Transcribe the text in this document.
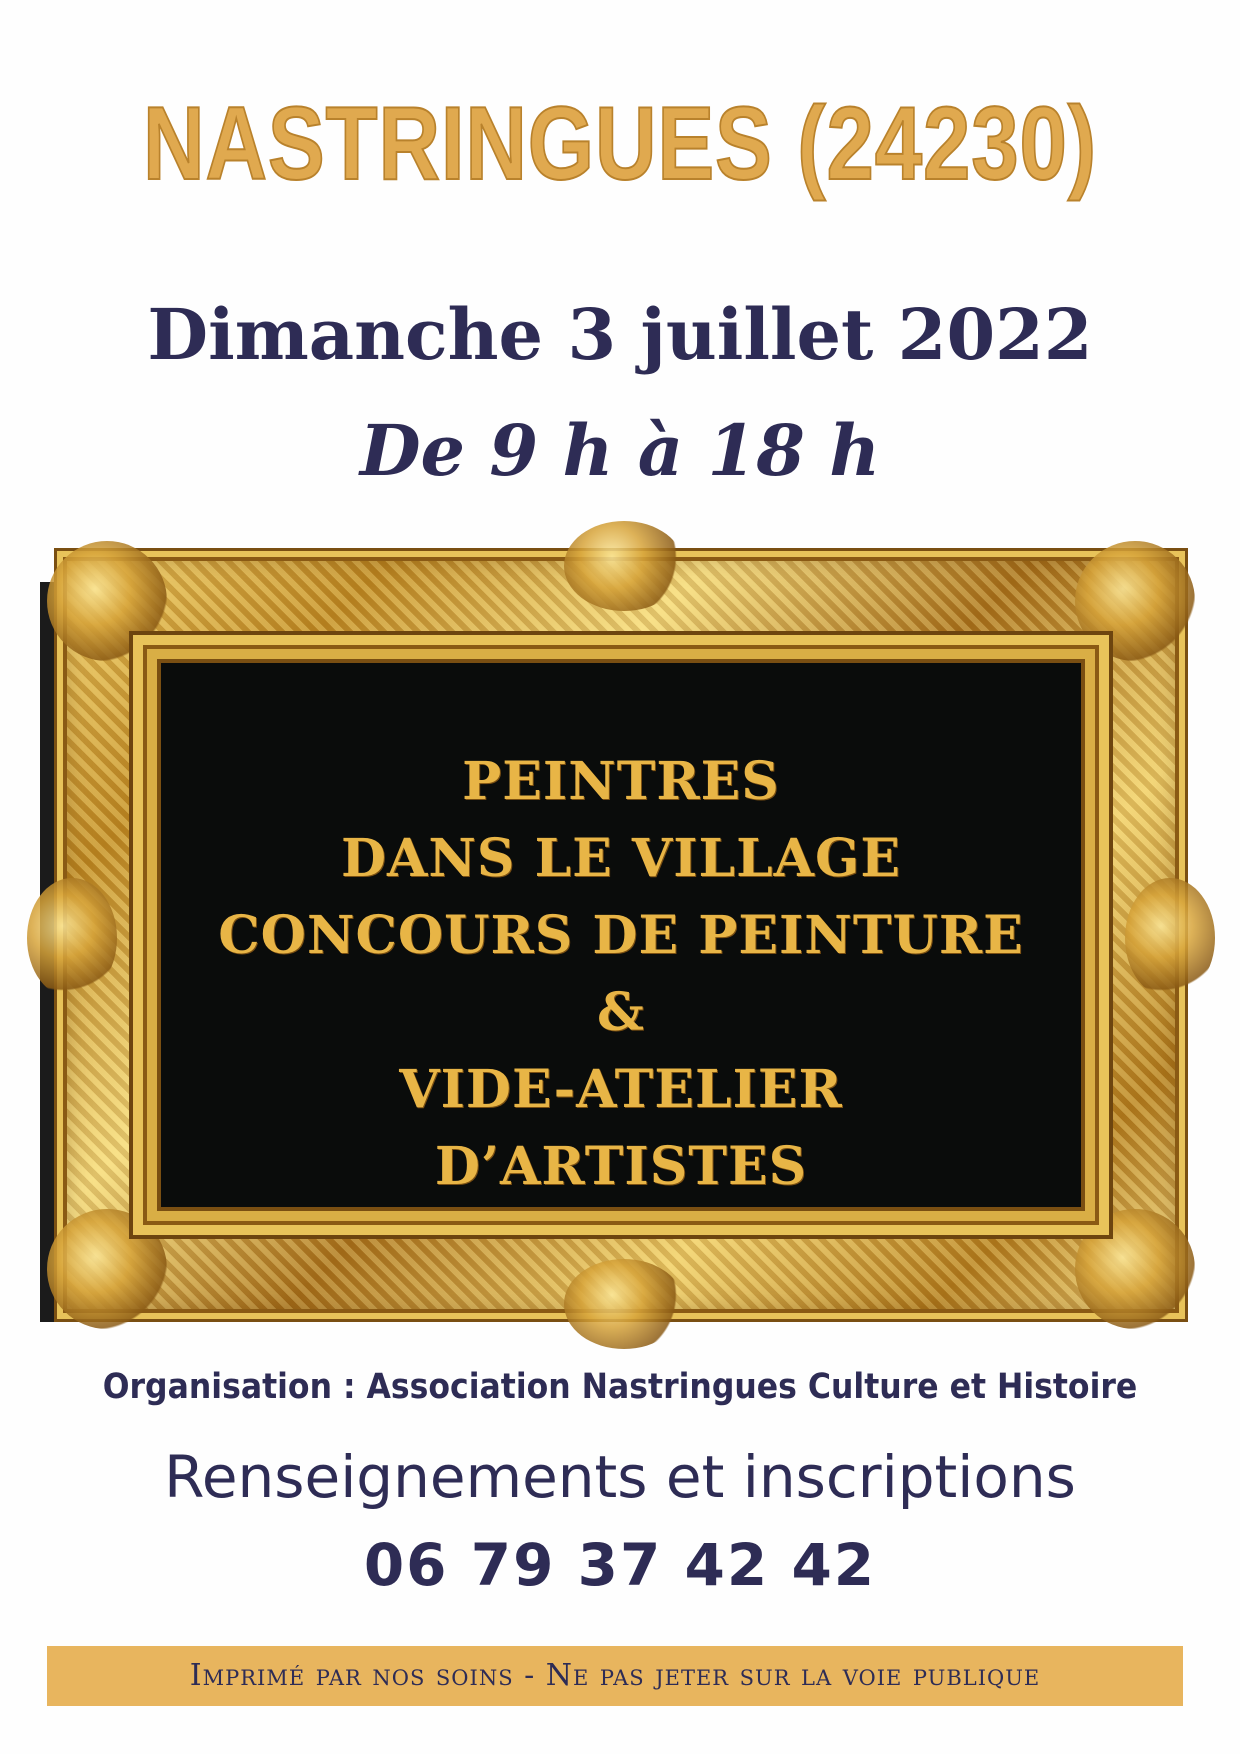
NASTRINGUES (24230)
Dimanche 3 juillet 2022
De 9 h à 18 h
PEINTRES
DANS LE VILLAGE
CONCOURS DE PEINTURE
&
VIDE-ATELIER
D’ARTISTES
Organisation : Association Nastringues Culture et Histoire
Renseignements et inscriptions
06 79 37 42 42
Imprimé par nos soins - Ne pas jeter sur la voie publique
